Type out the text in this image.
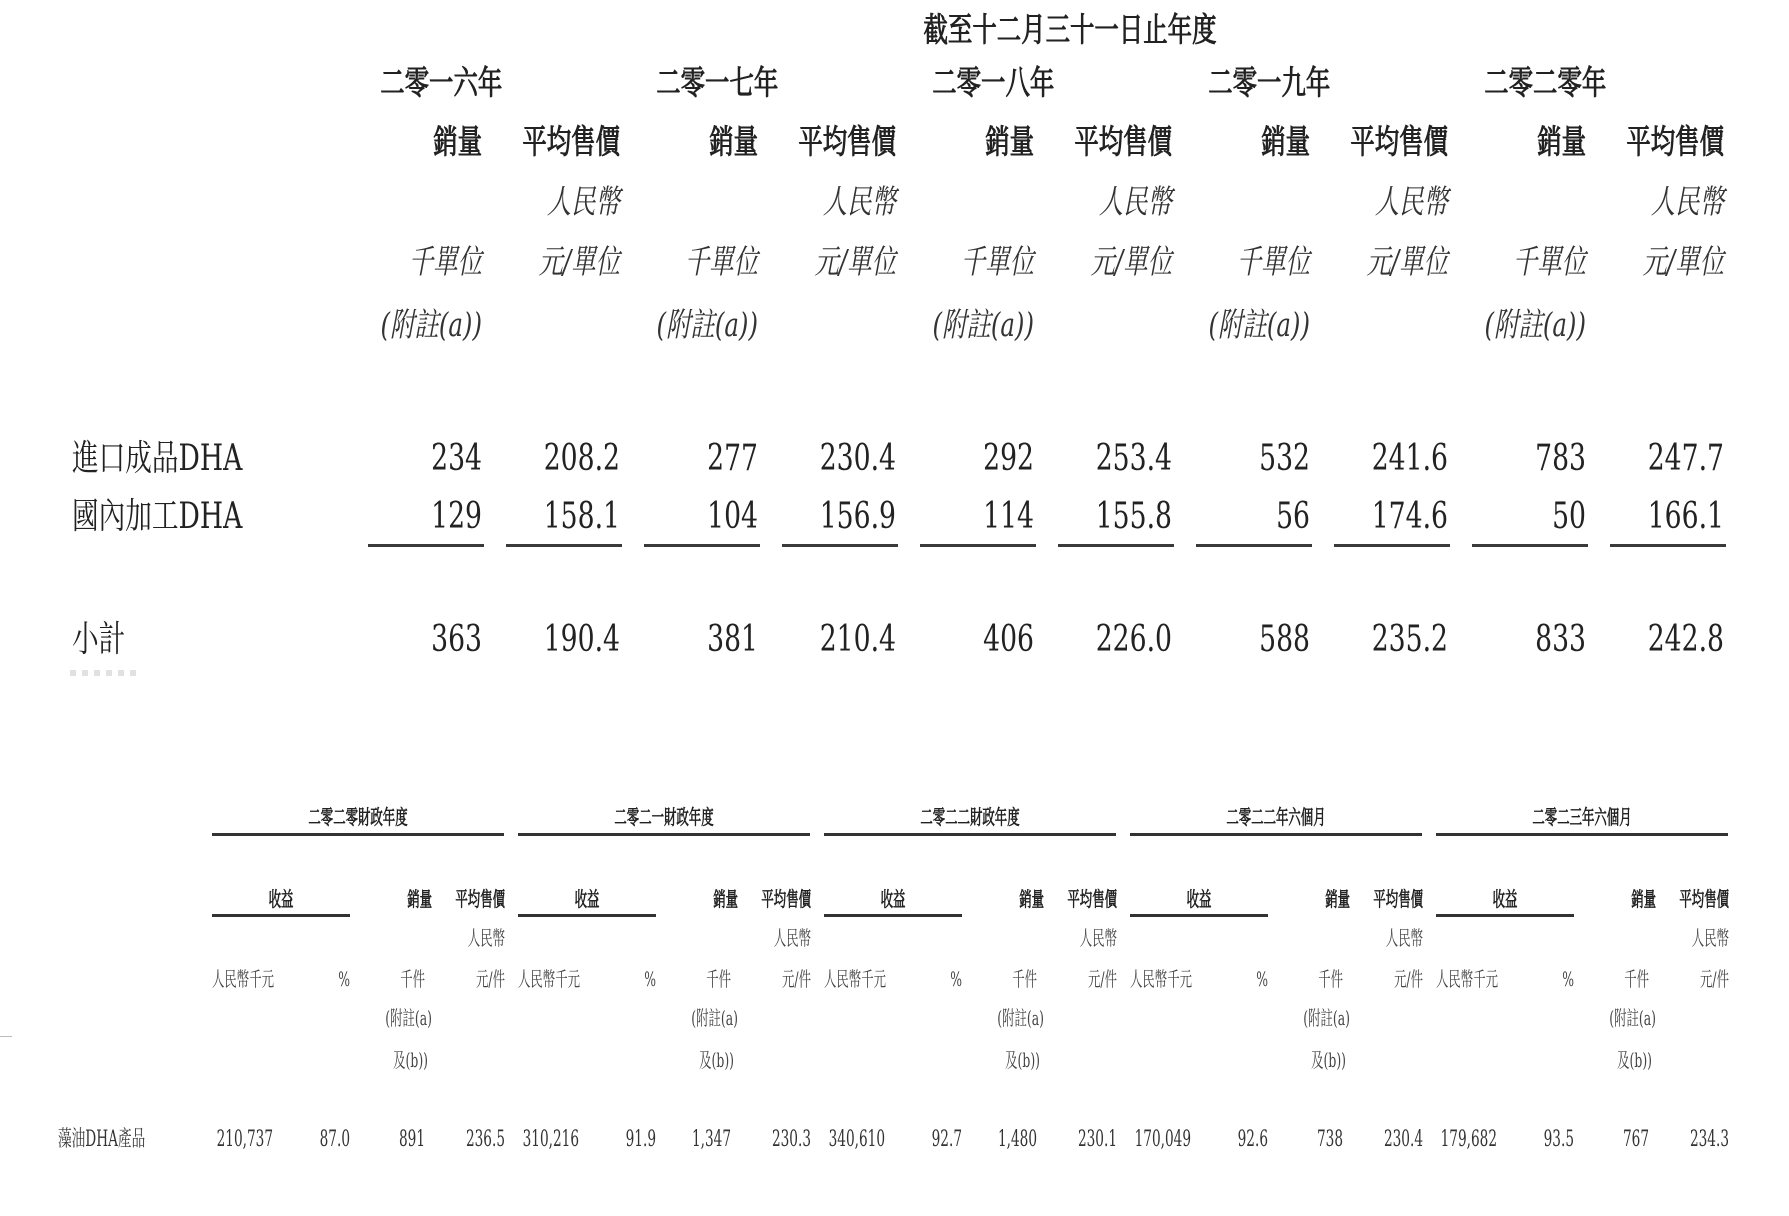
截至十二月三十一日止年度
二零一六年
銷量	平均售價
人民幣
千單位	元/單位
(附註(a))
二零一七年
銷量	平均售價
人民幣
千單位	元/單位
(附註(a))
二零一八年
銷量	平均售價
人民幣
千單位	元/單位
(附註(a))
二零一九年
銷量	平均售價
人民幣
千單位	元/單位
(附註(a))
二零二零年
銷量	平均售價
人民幣
千單位	元/單位
(附註(a))
進口成品DHA	234	208.2	277	230.4	292	253.4	532	241.6	783	247.7
國內加工DHA	129	158.1	104	156.9	114	155.8	56	174.6	50	166.1
小計	363	190.4	381	210.4	406	226.0	588	235.2	833	242.8
二零二零財政年度
收益	銷量	平均售價
人民幣
人民幣千元	%	千件	元/件
(附註(a)
及(b))
二零二一財政年度
收益	銷量	平均售價
人民幣
人民幣千元	%	千件	元/件
(附註(a)
及(b))
二零二二財政年度
收益	銷量	平均售價
人民幣
人民幣千元	%	千件	元/件
(附註(a)
及(b))
二零二二年六個月
收益	銷量	平均售價
人民幣
人民幣千元	%	千件	元/件
(附註(a)
及(b))
二零二三年六個月
收益	銷量	平均售價
人民幣
人民幣千元	%	千件	元/件
(附註(a)
及(b))
藻油DHA產品	210,737	87.0	891	236.5 310,216	91.9	1,347	230.3 340,610	92.7	1,480	230.1 170,049	92.6	738	230.4 179,682	93.5	767	234.3
